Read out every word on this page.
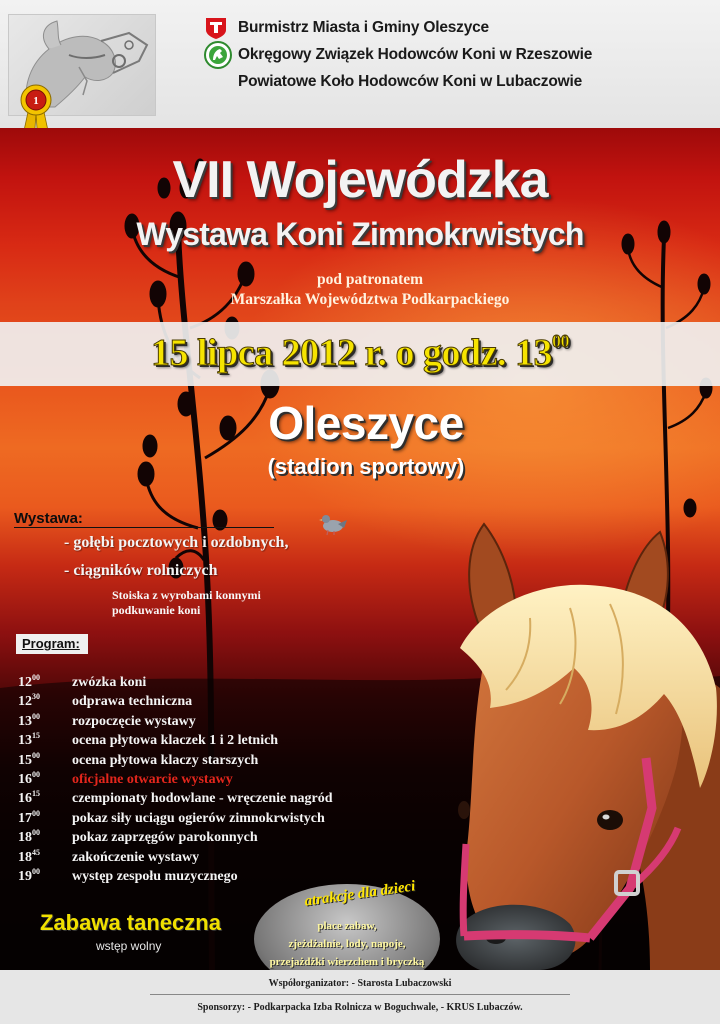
1
Burmistrz Miasta i Gminy Oleszyce
Okręgowy Związek Hodowców Koni w Rzeszowie
Powiatowe Koło Hodowców Koni w Lubaczowie
VII Wojewódzka
Wystawa Koni Zimnokrwistych
pod patronatem
Marszałka Województwa Podkarpackiego
15 lipca 2012 r. o godz. $13^{00}$
Oleszyce
(stadion sportowy)
Wystawa:
- gołębi pocztowych i ozdobnych,
- ciągników rolniczych
Stoiska z wyrobami konnymi
podkuwanie koni
Program:
$12^{00}$ zwózka koni
$12^{30}$ odprawa techniczna
$13^{00}$ rozpoczęcie wystawy
$13^{15}$ ocena płytowa klaczek 1 i 2 letnich
$15^{00}$ ocena płytowa klaczy starszych
$16^{00}$ oficjalne otwarcie wystawy
$16^{15}$ czempionaty hodowlane - wręczenie nagród
$17^{00}$ pokaz siły uciągu ogierów zimnokrwistych
$18^{00}$ pokaz zaprzęgów parokonnych
$18^{45}$ zakończenie wystawy
$19^{00}$ występ zespołu muzycznego
Zabawa taneczna
wstęp wolny
atrakcje dla dzieci
place zabaw,
zjeżdżalnie, lody, napoje,
przejażdżki wierzchem i bryczką
Współorganizator: - Starosta Lubaczowski
Sponsorzy: - Podkarpacka Izba Rolnicza w Boguchwale, - KRUS Lubaczów.
